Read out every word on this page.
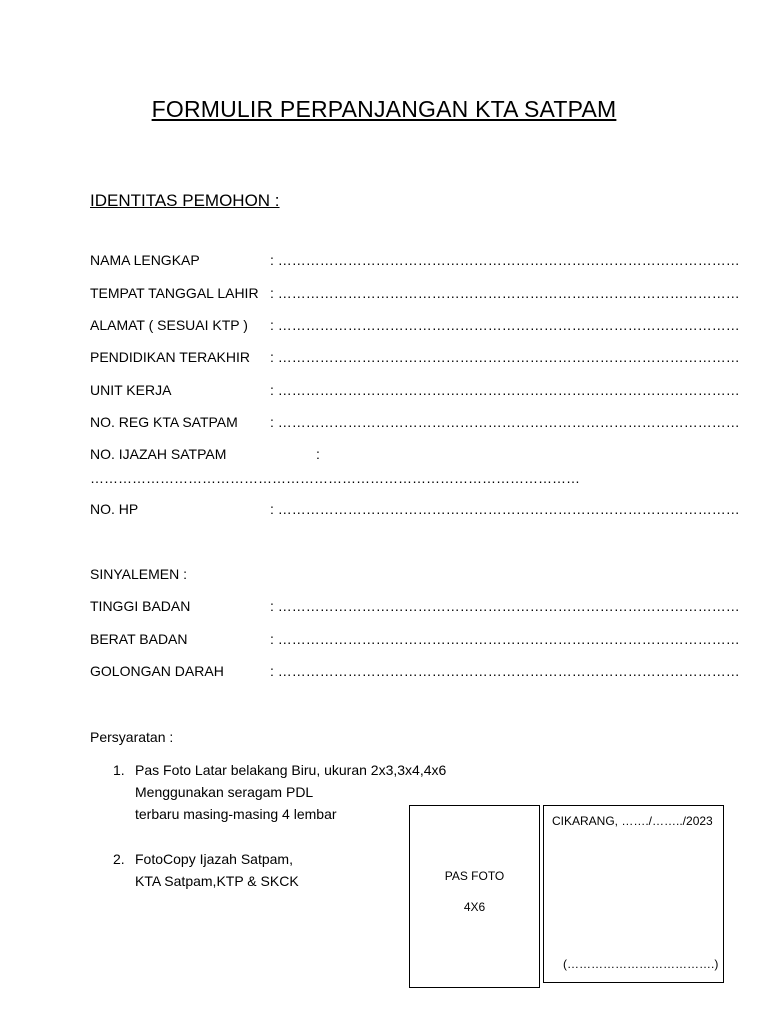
FORMULIR PERPANJANGAN KTA SATPAM
IDENTITAS PEMOHON :
NAMA LENGKAP	: ………………………………………………………………………………………
TEMPAT TANGGAL LAHIR : ………………………………………………………………………………………
ALAMAT ( SESUAI KTP ) : ………………………………………………………………………………………
PENDIDIKAN TERAKHIR : ………………………………………………………………………………………
UNIT KERJA	: ………………………………………………………………………………………
NO. REG KTA SATPAM : ………………………………………………………………………………………
NO. IJAZAH SATPAM	:
……………………………………………………………………………………………
NO. HP	: ………………………………………………………………………………………
SINYALEMEN :
TINGGI BADAN	: ………………………………………………………………………………………
BERAT BADAN	: ………………………………………………………………………………………
GOLONGAN DARAH	: ………………………………………………………………………………………
Persyaratan :
1. Pas Foto Latar belakang Biru, ukuran 2x3,3x4,4x6
Menggunakan seragam PDL
terbaru masing-masing 4 lembar
2. FotoCopy Ijazah Satpam,
KTA Satpam,KTP & SKCK	PAS FOTO
4X6
CIKARANG, ……./……../2023
(……………………………….)
